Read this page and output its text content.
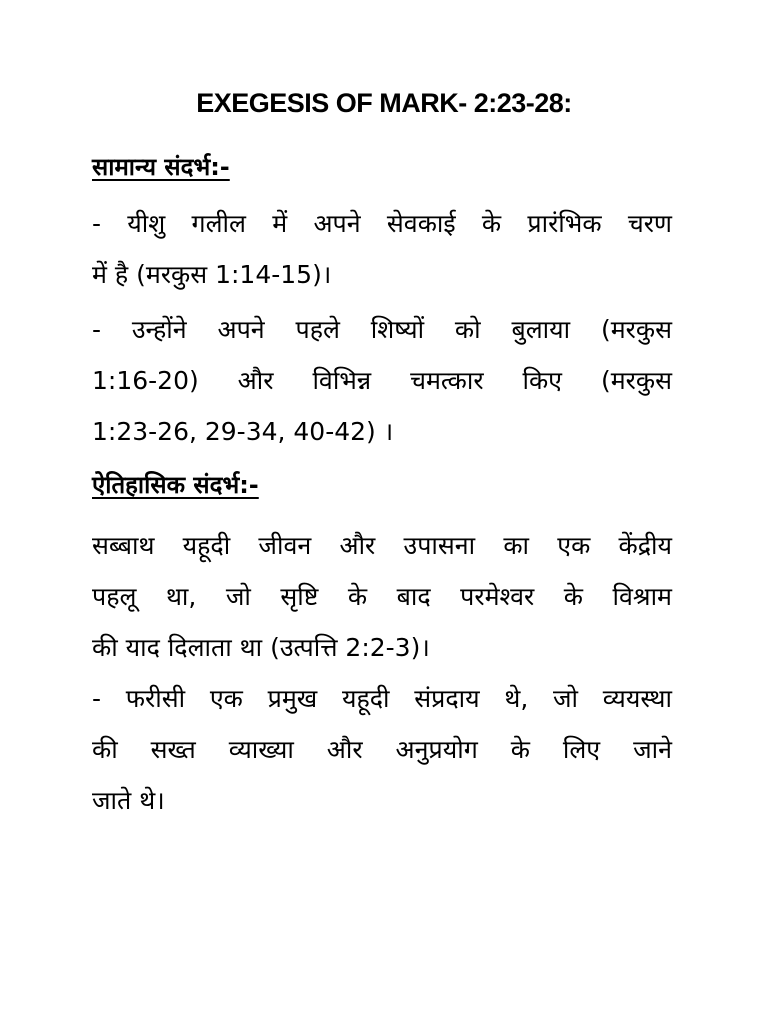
EXEGESIS OF MARK- 2:23-28:
सामान्य संदर्भ:-

- यीशु गलील में अपने सेवकाई के प्रारंभिक चरण
में है (मरकुस 1:14-15)।

- उन्होंने अपने पहले शिष्यों को बुलाया (मरकुस
1:16-20) और विभिन्न चमत्कार किए (मरकुस
1:23-26, 29-34, 40-42) ।

ऐतिहासिक संदर्भ:-

सब्बाथ यहूदी जीवन और उपासना का एक केंद्रीय
पहलू था, जो सृष्टि के बाद परमेश्वर के विश्राम
की याद दिलाता था (उत्पत्ति 2:2-3)।

- फरीसी एक प्रमुख यहूदी संप्रदाय थे, जो व्ययस्था
की सख्त व्याख्या और अनुप्रयोग के लिए जाने
जाते थे।
